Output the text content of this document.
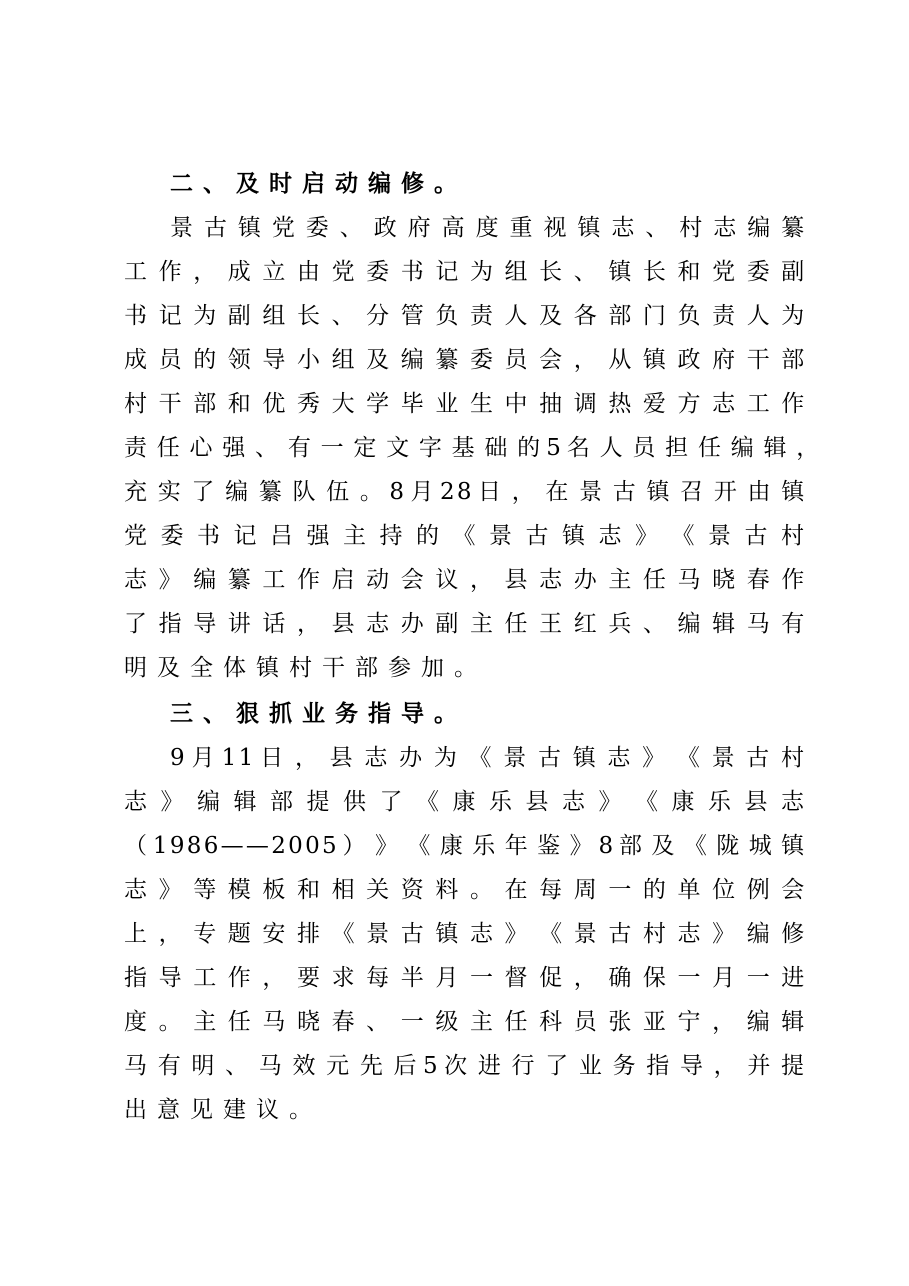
二、及时启动编修。
景 古 镇 党 委 、 政 府 高 度 重 视 镇 志 、 村 志 编 纂
工 作 ， 成 立 由 党 委 书 记 为 组 长 、 镇 长 和 党 委 副
书 记 为 副 组 长 、 分 管 负 责 人 及 各 部 门 负 责 人 为
成 员 的 领 导 小 组 及 编 纂 委 员 会 ， 从 镇 政 府 干 部
村 干 部 和 优 秀 大 学 毕 业 生 中 抽 调 热 爱 方 志 工 作
责 任 心 强 、 有 一 定 文 字 基 础 的 5 名 人 员 担 任 编 辑 ，
充 实 了 编 纂 队 伍 。 8 月 2 8 日 ， 在 景 古 镇 召 开 由 镇
党 委 书 记 吕 强 主 持 的 《 景 古 镇 志 》 《 景 古 村
志 》 编 纂 工 作 启 动 会 议 ， 县 志 办 主 任 马 晓 春 作
了 指 导 讲 话 ， 县 志 办 副 主 任 王 红 兵 、 编 辑 马 有
明及全体镇村干部参加。
三、狠抓业务指导。
9 月 1 1 日 ， 县 志 办 为 《 景 古 镇 志 》 《 景 古 村
志 》 编 辑 部 提 供 了 《 康 乐 县 志 》 《 康 乐 县 志
（ 1 9 8 6 — — 2 0 0 5 ） 》 《 康 乐 年 鉴 》 8 部 及 《 陇 城 镇
志 》 等 模 板 和 相 关 资 料 。 在 每 周 一 的 单 位 例 会
上 ， 专 题 安 排 《 景 古 镇 志 》 《 景 古 村 志 》 编 修
指 导 工 作 ， 要 求 每 半 月 一 督 促 ， 确 保 一 月 一 进
度 。 主 任 马 晓 春 、 一 级 主 任 科 员 张 亚 宁 ， 编 辑
马 有 明 、 马 效 元 先 后 5 次 进 行 了 业 务 指 导 ， 并 提
出意见建议。
